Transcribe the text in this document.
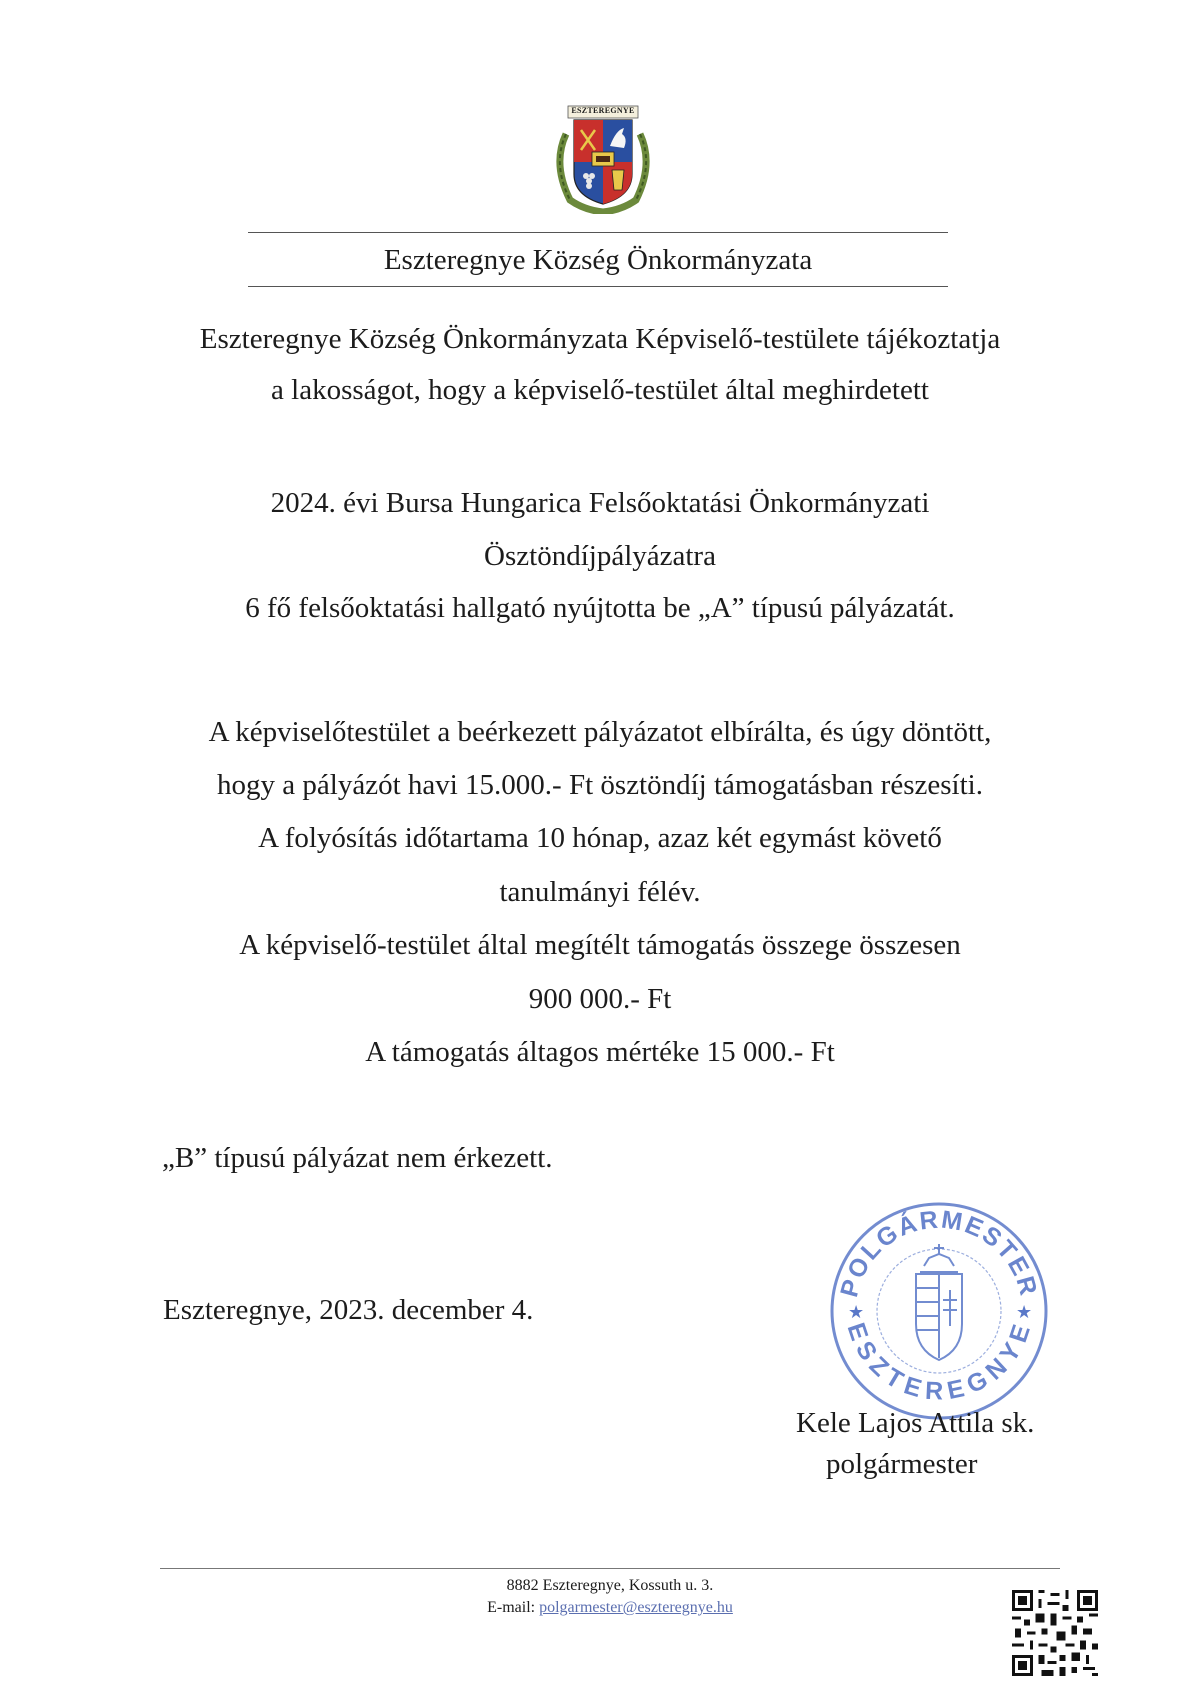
ESZTEREGNYE
Eszteregnye Község Önkormányzata
Eszteregnye Község Önkormányzata Képviselő-testülete tájékoztatja
a lakosságot, hogy a képviselő-testület által meghirdetett
2024. évi Bursa Hungarica Felsőoktatási Önkormányzati
Ösztöndíjpályázatra
6 fő felsőoktatási hallgató nyújtotta be „A” típusú pályázatát.
A képviselőtestület a beérkezett pályázatot elbírálta, és úgy döntött,
hogy a pályázót havi 15.000.- Ft ösztöndíj támogatásban részesíti.
A folyósítás időtartama 10 hónap, azaz két egymást követő
tanulmányi félév.
A képviselő-testület által megítélt támogatás összege összesen
900 000.- Ft
A támogatás áltagos mértéke 15 000.- Ft
„B” típusú pályázat nem érkezett.
Eszteregnye, 2023. december 4.
POLGÁRMESTER
ESZTEREGNYE
★	★
Kele Lajos Attila sk.
polgármester
8882 Eszteregnye, Kossuth u. 3.
E-mail: polgarmester@eszteregnye.hu
